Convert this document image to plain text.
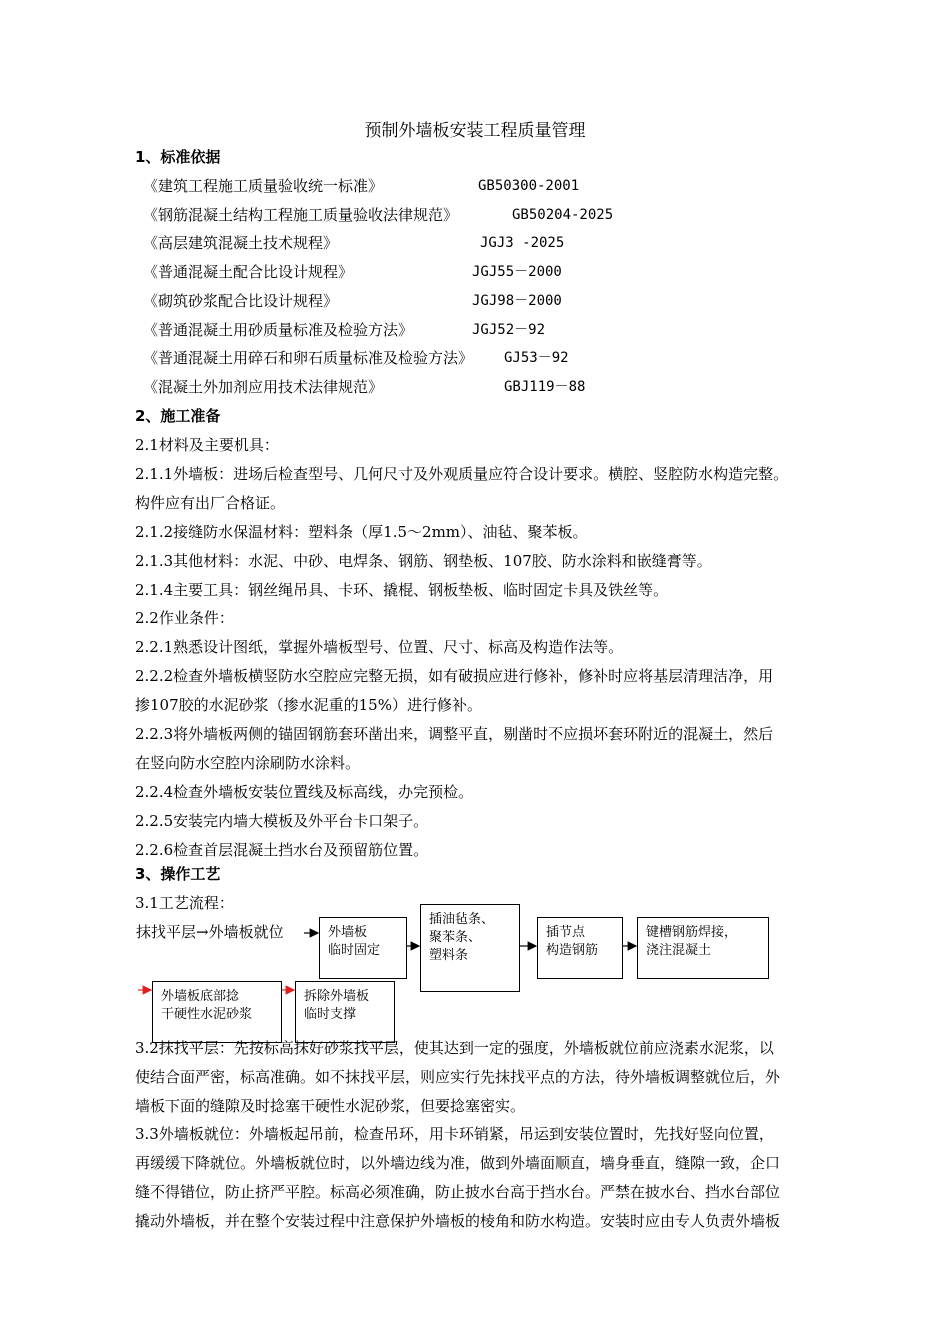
预制外墙板安装工程质量管理
1、标准依据
《建筑工程施工质量验收统一标准》	GB50300-2001
《钢筋混凝土结构工程施工质量验收法律规范》	GB50204-2025
《高层建筑混凝土技术规程》	JGJ3 -2025
《普通混凝土配合比设计规程》	JGJ55－2000
《砌筑砂浆配合比设计规程》	JGJ98－2000
《普通混凝土用砂质量标准及检验方法》	JGJ52－92
《普通混凝土用碎石和卵石质量标准及检验方法》 GJ53－92
《混凝土外加剂应用技术法律规范》	GBJ119－88
2、施工准备
2.1材料及主要机具：
2.1.1外墙板：进场后检查型号、几何尺寸及外观质量应符合设计要求。横腔、竖腔防水构造完整。
构件应有出厂合格证。
2.1.2接缝防水保温材料：塑料条（厚1.5～2mm）、油毡、聚苯板。
2.1.3其他材料：水泥、中砂、电焊条、钢筋、钢垫板、107胶、防水涂料和嵌缝膏等。
2.1.4主要工具：钢丝绳吊具、卡环、撬棍、钢板垫板、临时固定卡具及铁丝等。
2.2作业条件：
2.2.1熟悉设计图纸，掌握外墙板型号、位置、尺寸、标高及构造作法等。
2.2.2检查外墙板横竖防水空腔应完整无损，如有破损应进行修补，修补时应将基层清理洁净，用
掺107胶的水泥砂浆（掺水泥重的15%）进行修补。
2.2.3将外墙板两侧的锚固钢筋套环凿出来，调整平直，剔凿时不应损坏套环附近的混凝土，然后
在竖向防水空腔内涂刷防水涂料。
2.2.4检查外墙板安装位置线及标高线，办完预检。
2.2.5安装完内墙大模板及外平台卡口架子。
2.2.6检查首层混凝土挡水台及预留筋位置。
3、操作工艺
3.1工艺流程：
抹找平层→外墙板就位	外墙板
临时固定
插油毡条、
聚苯条、
塑料条
插节点
构造钢筋
键槽钢筋焊接，
浇注混凝土
外墙板底部捻
干硬性水泥砂浆
拆除外墙板
临时支撑
3.2抹找平层：先按标高抹好砂浆找平层，使其达到一定的强度，外墙板就位前应浇素水泥浆，以
使结合面严密，标高准确。如不抹找平层，则应实行先抹找平点的方法，待外墙板调整就位后，外
墙板下面的缝隙及时捻塞干硬性水泥砂浆，但要捻塞密实。
3.3外墙板就位：外墙板起吊前，检查吊环，用卡环销紧，吊运到安装位置时，先找好竖向位置，
再缓缓下降就位。外墙板就位时，以外墙边线为准，做到外墙面顺直，墙身垂直，缝隙一致，企口
缝不得错位，防止挤严平腔。标高必须准确，防止披水台高于挡水台。严禁在披水台、挡水台部位
撬动外墙板，并在整个安装过程中注意保护外墙板的棱角和防水构造。安装时应由专人负责外墙板
